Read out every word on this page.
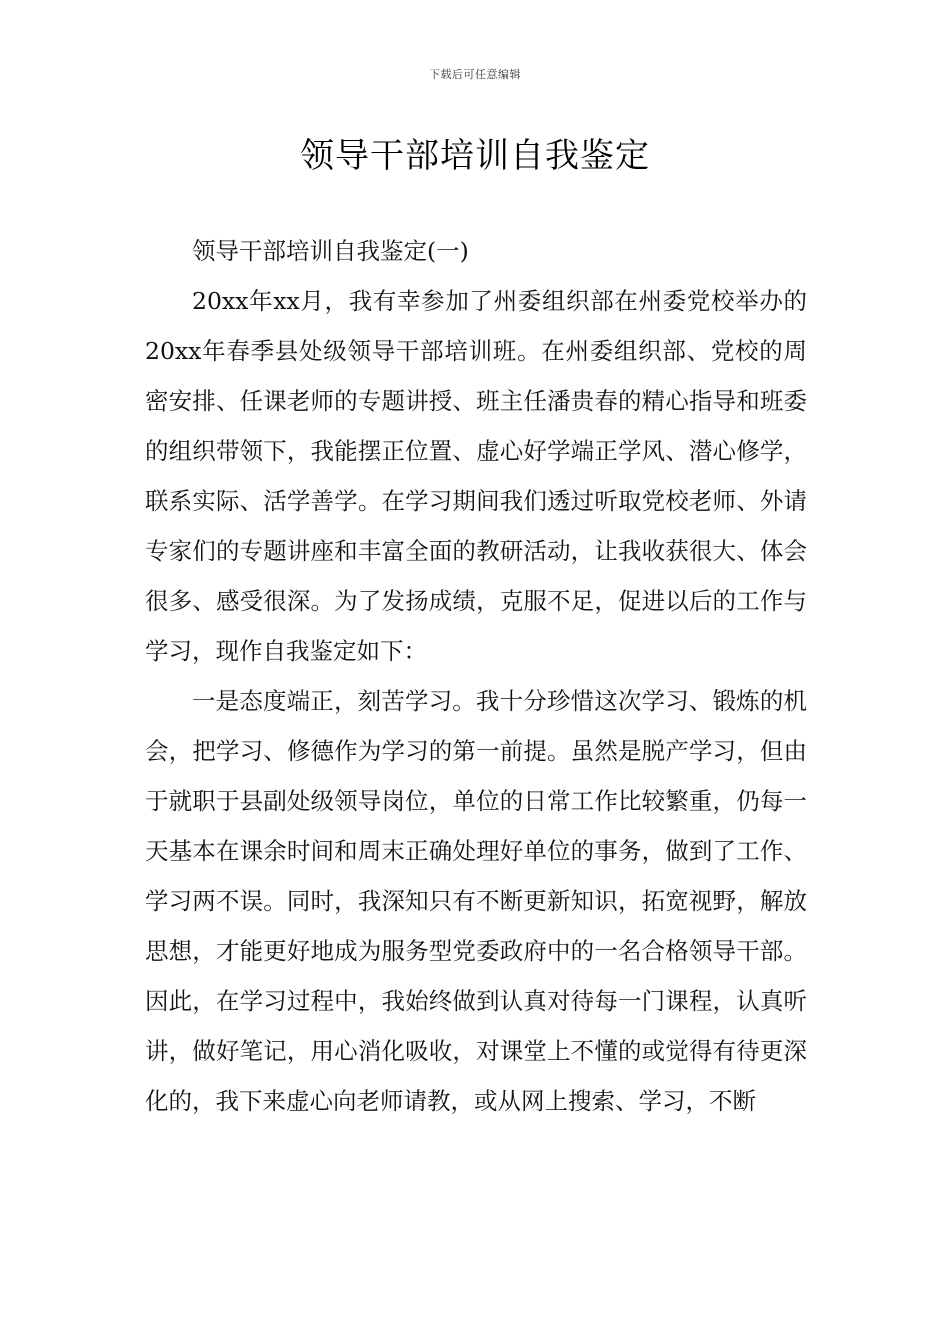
下载后可任意编辑
领导干部培训自我鉴定

领导干部培训自我鉴定(一)

20xx年xx月，我有幸参加了州委组织部在州委党校举办的20xx年春季县处级领导干部培训班。在州委组织部、党校的周密安排、任课老师的专题讲授、班主任潘贵春的精心指导和班委的组织带领下，我能摆正位置、虚心好学端正学风、潜心修学，联系实际、活学善学。在学习期间我们透过听取党校老师、外请专家们的专题讲座和丰富全面的教研活动，让我收获很大、体会很多、感受很深。为了发扬成绩，克服不足，促进以后的工作与学习，现作自我鉴定如下：

一是态度端正，刻苦学习。我十分珍惜这次学习、锻炼的机会，把学习、修德作为学习的第一前提。虽然是脱产学习，但由于就职于县副处级领导岗位，单位的日常工作比较繁重，仍每一天基本在课余时间和周末正确处理好单位的事务，做到了工作、学习两不误。同时，我深知只有不断更新知识，拓宽视野，解放思想，才能更好地成为服务型党委政府中的一名合格领导干部。因此，在学习过程中，我始终做到认真对待每一门课程，认真听讲，做好笔记，用心消化吸收，对课堂上不懂的或觉得有待更深化的，我下来虚心向老师请教，或从网上搜索、学习，不断
